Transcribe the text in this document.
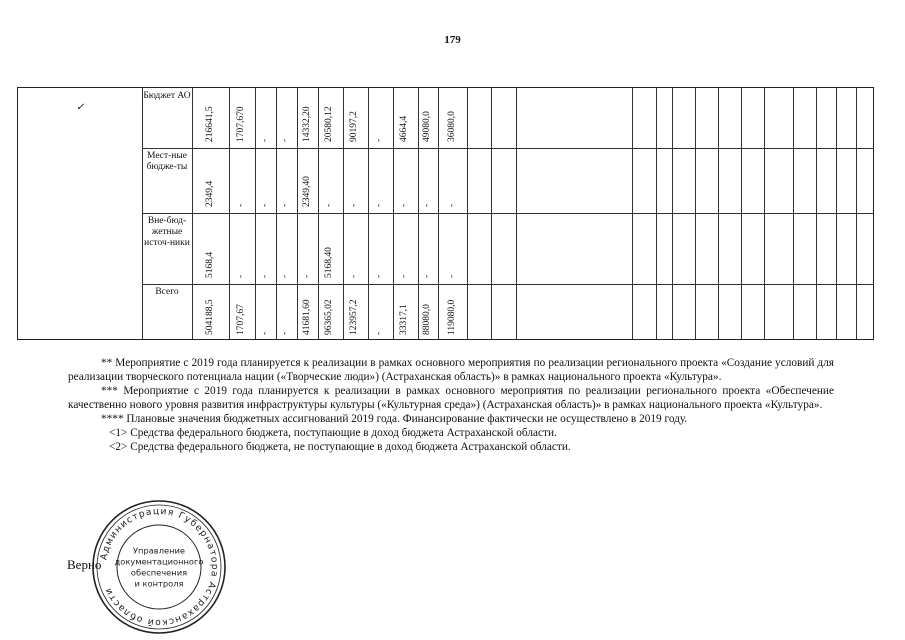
179
✓
Бюджет АО
216641,5 1707,670 - - 14332,20 20580,12 90197,2 - 4664,4 49080,0 36080,0
Мест-ные бюдже-ты
2349,4 - - - 2349,40 - - - - - -
Вне-бюд-жетные источ-ники
5168,4 - - - - 5168,40 - - - - -
Всего
504188,5 1707,67 - - 41681,60 96365,02 123957,2 - 33317,1 88080,0 119080,0

** Мероприятие с 2019 года планируется к реализации в рамках основного мероприятия по реализации регионального проекта «Создание условий для реализации творческого потенциала нации («Творческие люди») (Астраханская область)» в рамках национального проекта «Культура».

*** Мероприятие с 2019 года планируется к реализации в рамках основного мероприятия по реализации регионального проекта «Обеспечение качественно нового уровня развития инфраструктуры культуры («Культурная среда») (Астраханская область)» в рамках национального проекта «Культура».

**** Плановые значения бюджетных ассигнований 2019 года. Финансирование фактически не осуществлено в 2019 году.

<1> Средства федерального бюджета, поступающие в доход бюджета Астраханской области.

<2> Средства федерального бюджета, не поступающие в доход бюджета Астраханской области.

Верно
Администрация Губернатора Астраханской области
Управление
документационного
обеспечения
и контроля
